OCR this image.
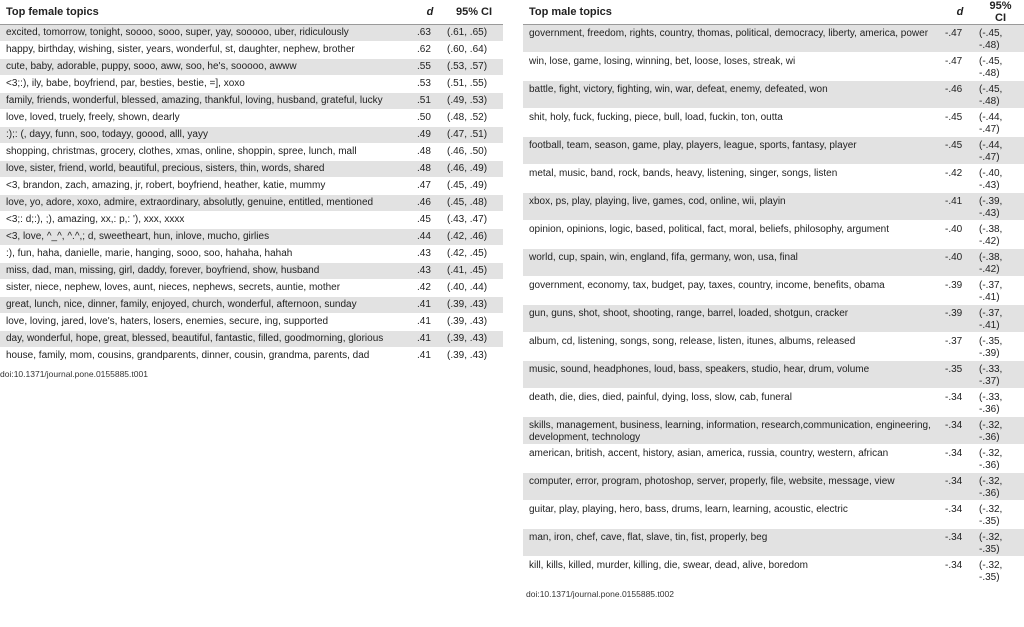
Top female topics	d	95% CI
excited, tomorrow, tonight, soooo, sooo, super, yay, sooooo, uber, ridiculously	.63	(.61, .65)
happy, birthday, wishing, sister, years, wonderful, st, daughter, nephew, brother	.62	(.60, .64)
cute, baby, adorable, puppy, sooo, aww, soo, he's, sooooo, awww	.55	(.53, .57)
<3;:), ily, babe, boyfriend, par, besties, bestie, =], xoxo	.53	(.51, .55)
family, friends, wonderful, blessed, amazing, thankful, loving, husband, grateful, lucky	.51	(.49, .53)
love, loved, truely, freely, shown, dearly	.50	(.48, .52)
:);: (, dayy, funn, soo, todayy, goood, alll, yayy	.49	(.47, .51)
shopping, christmas, grocery, clothes, xmas, online, shoppin, spree, lunch, mall	.48	(.46, .50)
love, sister, friend, world, beautiful, precious, sisters, thin, words, shared	.48	(.46, .49)
<3, brandon, zach, amazing, jr, robert, boyfriend, heather, katie, mummy	.47	(.45, .49)
love, yo, adore, xoxo, admire, extraordinary, absolutly, genuine, entitled, mentioned	.46	(.45, .48)
<3;: d;:), ;), amazing, xx,: p,: '), xxx, xxxx	.45	(.43, .47)
<3, love, ^_^, ^.^,; d, sweetheart, hun, inlove, mucho, girlies	.44	(.42, .46)
:), fun, haha, danielle, marie, hanging, sooo, soo, hahaha, hahah	.43	(.42, .45)
miss, dad, man, missing, girl, daddy, forever, boyfriend, show, husband	.43	(.41, .45)
sister, niece, nephew, loves, aunt, nieces, nephews, secrets, auntie, mother	.42	(.40, .44)
great, lunch, nice, dinner, family, enjoyed, church, wonderful, afternoon, sunday	.41	(.39, .43)
love, loving, jared, love's, haters, losers, enemies, secure, ing, supported	.41	(.39, .43)
day, wonderful, hope, great, blessed, beautiful, fantastic, filled, goodmorning, glorious	.41	(.39, .43)
house, family, mom, cousins, grandparents, dinner, cousin, grandma, parents, dad	.41	(.39, .43)
doi:10.1371/journal.pone.0155885.t001
Top male topics	d	95% CI
government, freedom, rights, country, thomas, political, democracy, liberty, america, power	-.47	(-.45, -.48)
win, lose, game, losing, winning, bet, loose, loses, streak, wi	-.47	(-.45, -.48)
battle, fight, victory, fighting, win, war, defeat, enemy, defeated, won	-.46	(-.45, -.48)
shit, holy, fuck, fucking, piece, bull, load, fuckin, ton, outta	-.45	(-.44, -.47)
football, team, season, game, play, players, league, sports, fantasy, player	-.45	(-.44, -.47)
metal, music, band, rock, bands, heavy, listening, singer, songs, listen	-.42	(-.40, -.43)
xbox, ps, play, playing, live, games, cod, online, wii, playin	-.41	(-.39, -.43)
opinion, opinions, logic, based, political, fact, moral, beliefs, philosophy, argument	-.40	(-.38, -.42)
world, cup, spain, win, england, fifa, germany, won, usa, final	-.40	(-.38, -.42)
government, economy, tax, budget, pay, taxes, country, income, benefits, obama	-.39	(-.37, -.41)
gun, guns, shot, shoot, shooting, range, barrel, loaded, shotgun, cracker	-.39	(-.37, -.41)
album, cd, listening, songs, song, release, listen, itunes, albums, released	-.37	(-.35, -.39)
music, sound, headphones, loud, bass, speakers, studio, hear, drum, volume	-.35	(-.33, -.37)
death, die, dies, died, painful, dying, loss, slow, cab, funeral	-.34	(-.33, -.36)
skills, management, business, learning, information, research,communication, engineering, development, technology	-.34	(-.32, -.36)
american, british, accent, history, asian, america, russia, country, western, african	-.34	(-.32, -.36)
computer, error, program, photoshop, server, properly, file, website, message, view	-.34	(-.32, -.36)
guitar, play, playing, hero, bass, drums, learn, learning, acoustic, electric	-.34	(-.32, -.35)
man, iron, chef, cave, flat, slave, tin, fist, properly, beg	-.34	(-.32, -.35)
kill, kills, killed, murder, killing, die, swear, dead, alive, boredom	-.34	(-.32, -.35)
doi:10.1371/journal.pone.0155885.t002
